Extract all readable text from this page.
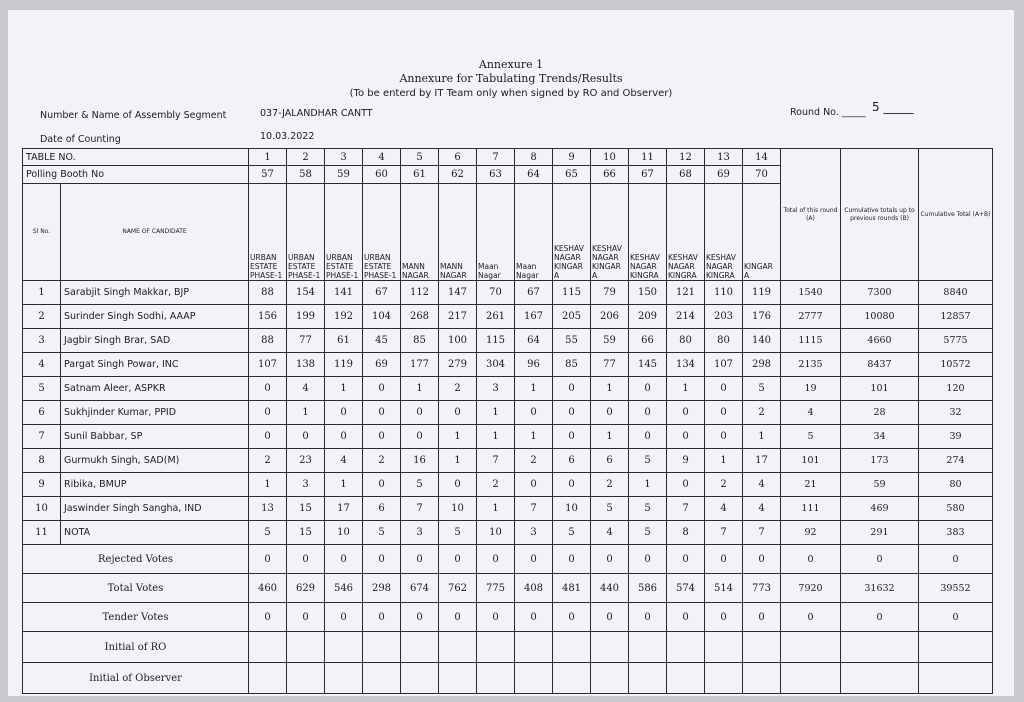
Annexure 1
Annexure for Tabulating Trends/Results
(To be enterd by IT Team only when signed by RO and Observer)
Number & Name of Assembly Segment	037-JALANDHAR CANTT	Round No. _____ 5 _____
Date of Counting	10.03.2022
TABLE NO.		1	2	3	4	5	6	7	8	9	10	11	12	13	14	Total of this round (A)	Cumulative totals up to previous rounds (B)	Cumulative Total (A+B)
Polling Booth No		57	58	59	60	61	62	63	64	65	66	67	68	69	70			
Sl No.	NAME OF CANDIDATE	URBAN ESTATE PHASE-1	URBAN ESTATE PHASE-1	URBAN ESTATE PHASE-1	URBAN ESTATE PHASE-1	MANN NAGAR	MANN NAGAR	Maan Nagar	Maan Nagar	KESHAV NAGAR KINGAR A	KESHAV NAGAR KINGAR A	KESHAV NAGAR KINGRA	KESHAV NAGAR KINGRA	KESHAV NAGAR KINGRA	KINGAR A			
1	Sarabjit Singh Makkar, BJP	88	154	141	67	112	147	70	67	115	79	150	121	110	119	1540	7300	8840
2	Surinder Singh Sodhi, AAAP	156	199	192	104	268	217	261	167	205	206	209	214	203	176	2777	10080	12857
3	Jagbir Singh Brar, SAD	88	77	61	45	85	100	115	64	55	59	66	80	80	140	1115	4660	5775
4	Pargat Singh Powar, INC	107	138	119	69	177	279	304	96	85	77	145	134	107	298	2135	8437	10572
5	Satnam Aleer, ASPKR	0	4	1	0	1	2	3	1	0	1	0	1	0	5	19	101	120
6	Sukhjinder Kumar, PPID	0	1	0	0	0	0	1	0	0	0	0	0	0	2	4	28	32
7	Sunil Babbar, SP	0	0	0	0	0	1	1	1	0	1	0	0	0	1	5	34	39
8	Gurmukh Singh, SAD(M)	2	23	4	2	16	1	7	2	6	6	5	9	1	17	101	173	274
9	Ribika, BMUP	1	3	1	0	5	0	2	0	0	2	1	0	2	4	21	59	80
10	Jaswinder Singh Sangha, IND	13	15	17	6	7	10	1	7	10	5	5	7	4	4	111	469	580
11	NOTA	5	15	10	5	3	5	10	3	5	4	5	8	7	7	92	291	383
Rejected Votes		0	0	0	0	0	0	0	0	0	0	0	0	0	0	0	0	0
Total Votes		460	629	546	298	674	762	775	408	481	440	586	574	514	773	7920	31632	39552
Tender Votes		0	0	0	0	0	0	0	0	0	0	0	0	0	0	0	0	0
Initial of RO																		
Initial of Observer																		
